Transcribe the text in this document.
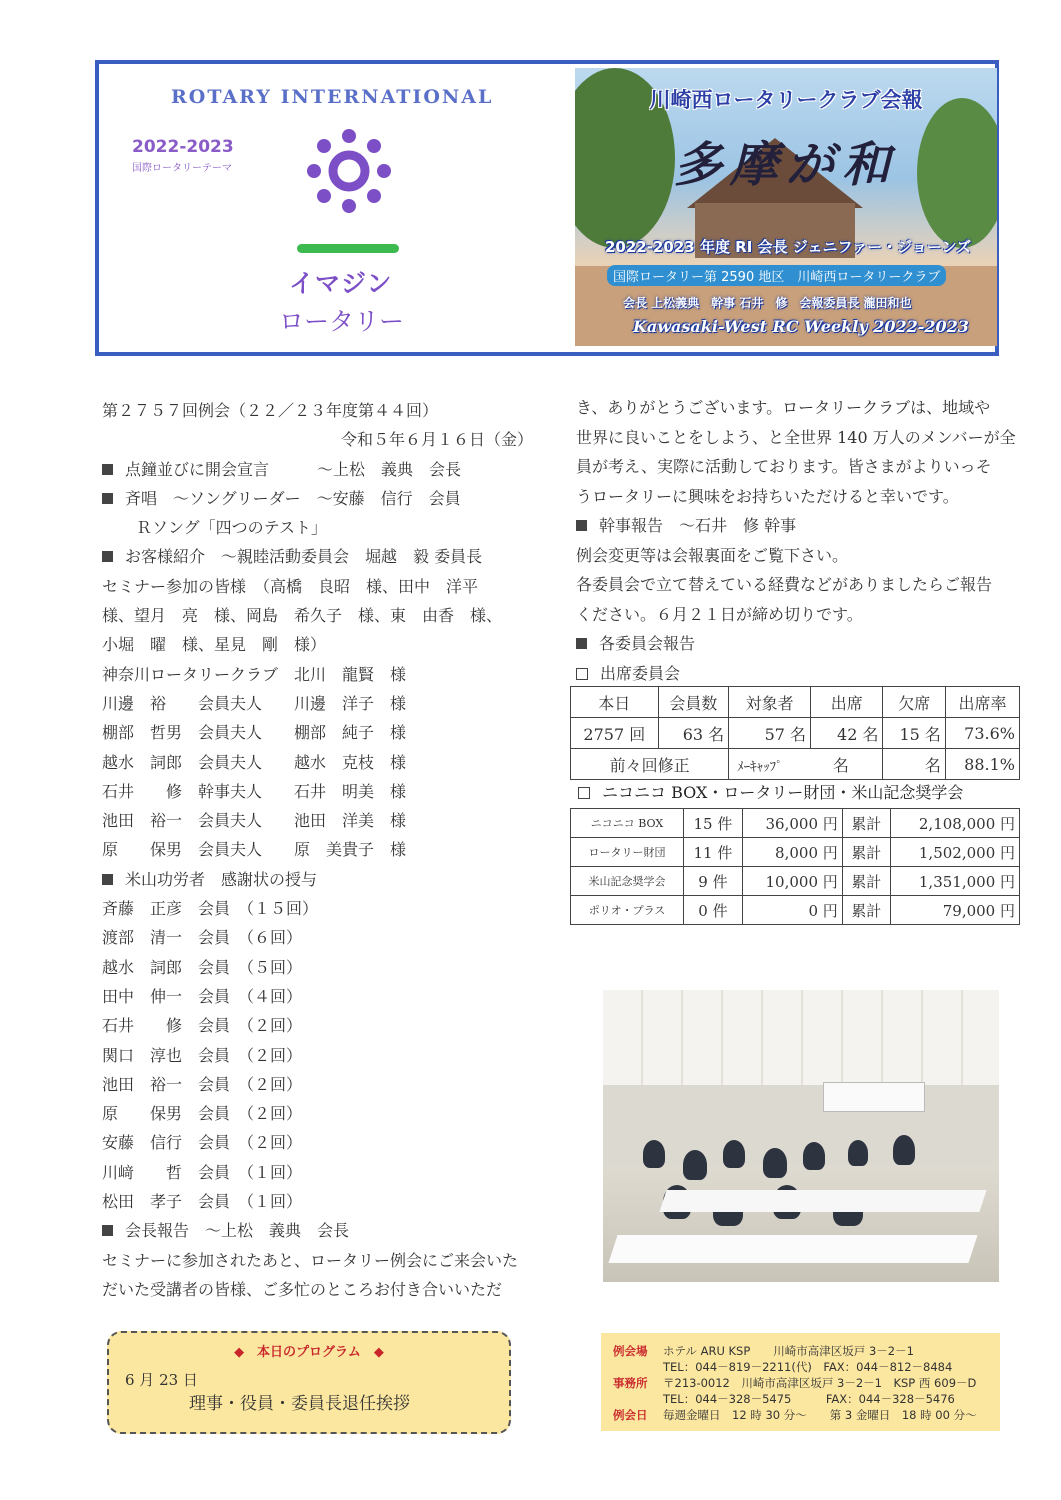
ROTARY INTERNATIONAL
2022-2023
国際ロータリーテーマ
イマジン
ロータリー
川崎西ロータリークラブ会報
多摩が和
2022-2023 年度 RI 会長 ジェニファー・ジョーンズ
国際ロータリー第 2590 地区　川崎西ロータリークラブ
会長 上松義典　幹事 石井　修　会報委員長 瀧田和也
Kawasaki-West RC Weekly 2022-2023
第２７５７回例会（２２／２３年度第４４回）
令和５年６月１６日（金）
点鐘並びに開会宣言　　　～上松　義典　会長
斉唱　～ソングリーダー　～安藤　信行　会員
Ｒソング「四つのテスト」
お客様紹介　～親睦活動委員会　堀越　毅 委員長
セミナー参加の皆様　（高橋　良昭　様、田中　洋平
様、望月　亮　様、岡島　希久子　様、東　由香　様、
小堀　曜　様、星見　剛　様）
神奈川ロータリークラブ　北川　龍賢　様
川邊　裕　　会員夫人　　川邊　洋子　様
棚部　哲男　会員夫人　　棚部　純子　様
越水　詞郎　会員夫人　　越水　克枝　様
石井　　修　幹事夫人　　石井　明美　様
池田　裕一　会員夫人　　池田　洋美　様
原　　保男　会員夫人　　原　美貴子　様
米山功労者　感謝状の授与
斉藤　正彦　会員　（１５回）
渡部　清一　会員　（６回）
越水　詞郎　会員　（５回）
田中　伸一　会員　（４回）
石井　　修　会員　（２回）
関口　淳也　会員　（２回）
池田　裕一　会員　（２回）
原　　保男　会員　（２回）
安藤　信行　会員　（２回）
川﨑　　哲　会員　（１回）
松田　孝子　会員　（１回）
会長報告　～上松　義典　会長
セミナーに参加されたあと、ロータリー例会にご来会いた
だいた受講者の皆様、ご多忙のところお付き合いいただ
き、ありがとうございます。ロータリークラブは、地域や
世界に良いことをしよう、と全世界 140 万人のメンバーが全
員が考え、実際に活動しております。皆さまがよりいっそ
うロータリーに興味をお持ちいただけると幸いです。
幹事報告　～石井　修 幹事
例会変更等は会報裏面をご覧下さい。
各委員会で立て替えている経費などがありましたらご報告
ください。６月２１日が締め切りです。
各委員会報告
出席委員会
本日	会員数	対象者	出席	欠席	出席率
2757 回	63 名	57 名	42 名	15 名	73.6%
前々回修正		ﾒｰｷｬｯﾌﾟ 名		名	88.1%
ニコニコ BOX・ロータリー財団・米山記念奨学会
ニコニコ BOX	15 件	36,000 円	累計	2,108,000 円
ロータリー財団	11 件	8,000 円	累計	1,502,000 円
米山記念奨学会	9 件	10,000 円	累計	1,351,000 円
ポリオ・プラス	0 件	0 円	累計	79,000 円
◆　本日のプログラム　◆
6 月 23 日
理事・役員・委員長退任挨拶
例会場 ホテル ARU KSP　　川崎市高津区坂戸 3－2－1
TEL：044－819－2211(代)　FAX：044－812－8484
事務所 〒213-0012　川崎市高津区坂戸 3－2－1　KSP 西 609－D
TEL：044－328－5475　　　FAX：044－328－5476
例会日 毎週金曜日　12 時 30 分～　　第 3 金曜日　18 時 00 分～
